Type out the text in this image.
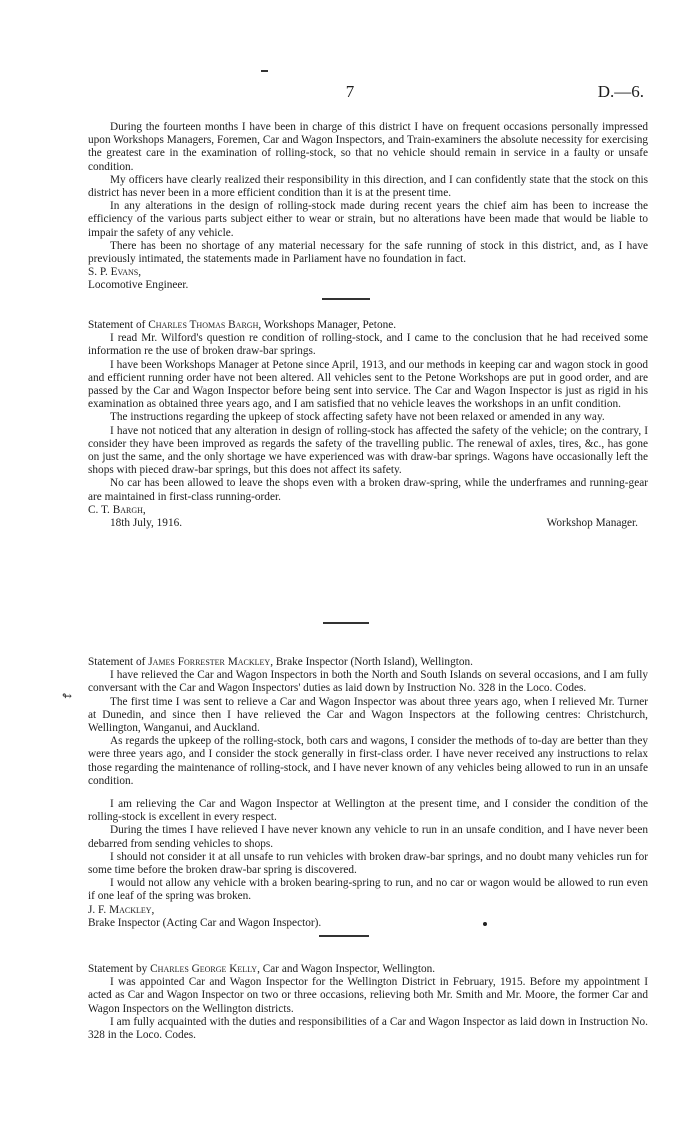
7	D.—6.

During the fourteen months I have been in charge of this district I have on frequent occasions personally impressed upon Workshops Managers, Foremen, Car and Wagon Inspectors, and Train-examiners the absolute necessity for exercising the greatest care in the examination of rolling-stock, so that no vehicle should remain in service in a faulty or unsafe condition.

My officers have clearly realized their responsibility in this direction, and I can confidently state that the stock on this district has never been in a more efficient condition than it is at the present time.

In any alterations in the design of rolling-stock made during recent years the chief aim has been to increase the efficiency of the various parts subject either to wear or strain, but no alterations have been made that would be liable to impair the safety of any vehicle.

There has been no shortage of any material necessary for the safe running of stock in this district, and, as I have previously intimated, the statements made in Parliament have no foundation in fact.

S. P. Evans,

Locomotive Engineer.

Statement of Charles Thomas Bargh, Workshops Manager, Petone.

I read Mr. Wilford's question re condition of rolling-stock, and I came to the conclusion that he had received some information re the use of broken draw-bar springs.

I have been Workshops Manager at Petone since April, 1913, and our methods in keeping car and wagon stock in good and efficient running order have not been altered. All vehicles sent to the Petone Workshops are put in good order, and are passed by the Car and Wagon Inspector before being sent into service. The Car and Wagon Inspector is just as rigid in his examination as obtained three years ago, and I am satisfied that no vehicle leaves the workshops in an unfit condition.

The instructions regarding the upkeep of stock affecting safety have not been relaxed or amended in any way.

I have not noticed that any alteration in design of rolling-stock has affected the safety of the vehicle; on the contrary, I consider they have been improved as regards the safety of the travelling public. The renewal of axles, tires, &c., has gone on just the same, and the only shortage we have experienced was with draw-bar springs. Wagons have occasionally left the shops with pieced draw-bar springs, but this does not affect its safety.

No car has been allowed to leave the shops even with a broken draw-spring, while the underframes and running-gear are maintained in first-class running-order.

C. T. Bargh,

18th July, 1916.	Workshop Manager.

Statement of James Forrester Mackley, Brake Inspector (North Island), Wellington.

I have relieved the Car and Wagon Inspectors in both the North and South Islands on several occasions, and I am fully conversant with the Car and Wagon Inspectors' duties as laid down by Instruction No. 328 in the Loco. Codes.

The first time I was sent to relieve a Car and Wagon Inspector was about three years ago, when I relieved Mr. Turner at Dunedin, and since then I have relieved the Car and Wagon Inspectors at the following centres: Christchurch, Wellington, Wanganui, and Auckland.

As regards the upkeep of the rolling-stock, both cars and wagons, I consider the methods of to-day are better than they were three years ago, and I consider the stock generally in first-class order. I have never received any instructions to relax those regarding the maintenance of rolling-stock, and I have never known of any vehicles being allowed to run in an unsafe condition.

I am relieving the Car and Wagon Inspector at Wellington at the present time, and I consider the condition of the rolling-stock is excellent in every respect.

During the times I have relieved I have never known any vehicle to run in an unsafe condition, and I have never been debarred from sending vehicles to shops.

I should not consider it at all unsafe to run vehicles with broken draw-bar springs, and no doubt many vehicles run for some time before the broken draw-bar spring is discovered.

I would not allow any vehicle with a broken bearing-spring to run, and no car or wagon would be allowed to run even if one leaf of the spring was broken.

J. F. Mackley,

Brake Inspector (Acting Car and Wagon Inspector).

↬

Statement by Charles George Kelly, Car and Wagon Inspector, Wellington.

I was appointed Car and Wagon Inspector for the Wellington District in February, 1915. Before my appointment I acted as Car and Wagon Inspector on two or three occasions, relieving both Mr. Smith and Mr. Moore, the former Car and Wagon Inspectors on the Wellington districts.

I am fully acquainted with the duties and responsibilities of a Car and Wagon Inspector as laid down in Instruction No. 328 in the Loco. Codes.
